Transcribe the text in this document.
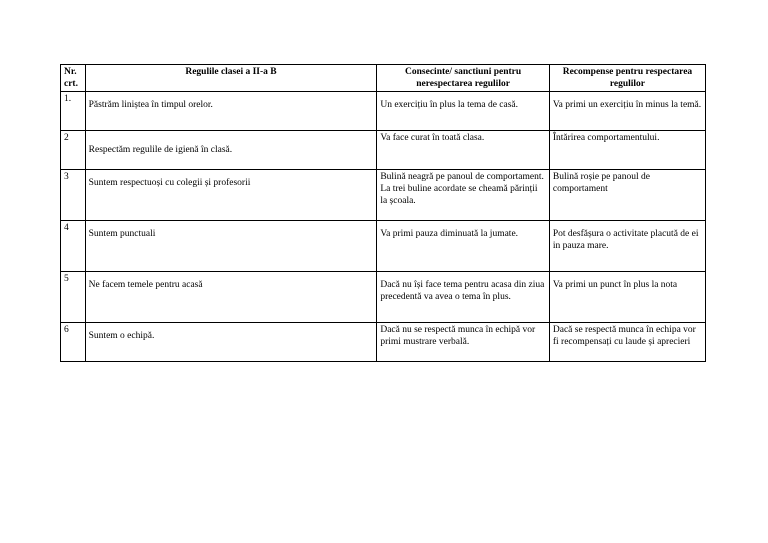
Nr. crt.	Regulile clasei a II-a B	Consecinte/ sanctiuni pentru nerespectarea regulilor	Recompense pentru respectarea regulilor
1.	Păstrăm liniștea în timpul orelor.	Un exercițiu în plus la tema de casă.	Va primi un exercițiu în minus la temă.

2	Respectăm regulile de igienă în clasă.	Va face curat în toată clasa.	Întărirea comportamentului.
3	Suntem respectuoși cu colegii și profesorii	Bulină neagră pe panoul de comportament. La trei buline acordate se cheamă părinții la școala.	Bulină roșie pe panoul de comportament
4	Suntem punctuali	Va primi pauza diminuată la jumate.	Pot desfășura o activitate placută de ei in pauza mare.

5	Ne facem temele pentru acasă	Dacă nu își face tema pentru acasa din ziua precedentă va avea o tema în plus.	Va primi un punct în plus la nota

6	Suntem o echipă.	Dacă nu se respectă munca în echipă vor primi mustrare verbală.	Dacă se respectă munca în echipa vor fi recompensați cu laude și aprecieri
